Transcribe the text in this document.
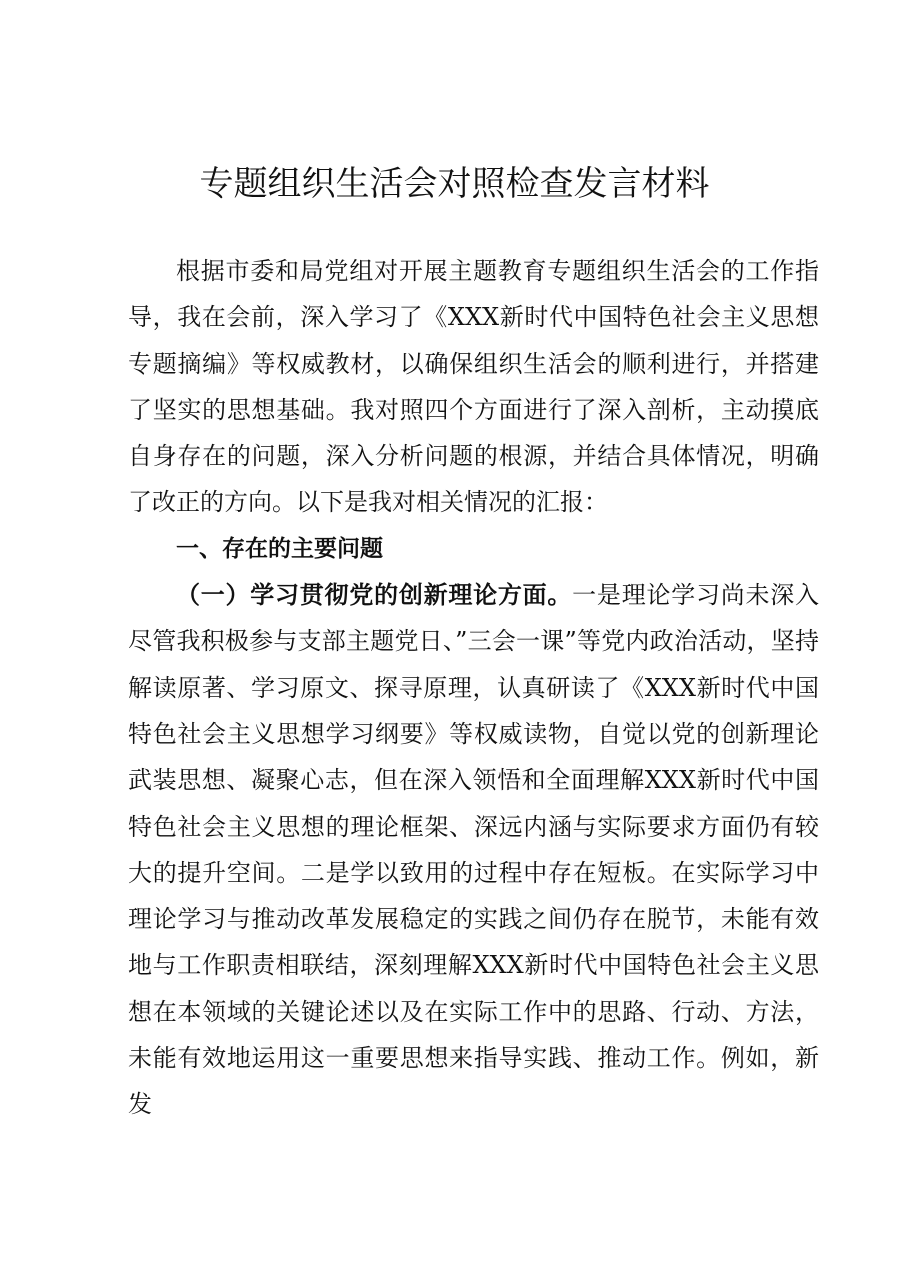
专题组织生活会对照检查发言材料

根据市委和局党组对开展主题教育专题组织生活会的工作指导，我在会前，深入学习了《XXX新时代中国特色社会主义思想专题摘编》等权威教材，以确保组织生活会的顺利进行，并搭建了坚实的思想基础。我对照四个方面进行了深入剖析，主动摸底自身存在的问题，深入分析问题的根源，并结合具体情况，明确了改正的方向。以下是我对相关情况的汇报：

一、存在的主要问题

（一）学习贯彻党的创新理论方面。一是理论学习尚未深入尽管我积极参与支部主题党日、”三会一课”等党内政治活动，坚持解读原著、学习原文、探寻原理，认真研读了《XXX新时代中国特色社会主义思想学习纲要》等权威读物，自觉以党的创新理论武装思想、凝聚心志，但在深入领悟和全面理解XXX新时代中国特色社会主义思想的理论框架、深远内涵与实际要求方面仍有较大的提升空间。二是学以致用的过程中存在短板。在实际学习中理论学习与推动改革发展稳定的实践之间仍存在脱节，未能有效地与工作职责相联结，深刻理解XXX新时代中国特色社会主义思想在本领域的关键论述以及在实际工作中的思路、行动、方法，未能有效地运用这一重要思想来指导实践、推动工作。例如，新发
